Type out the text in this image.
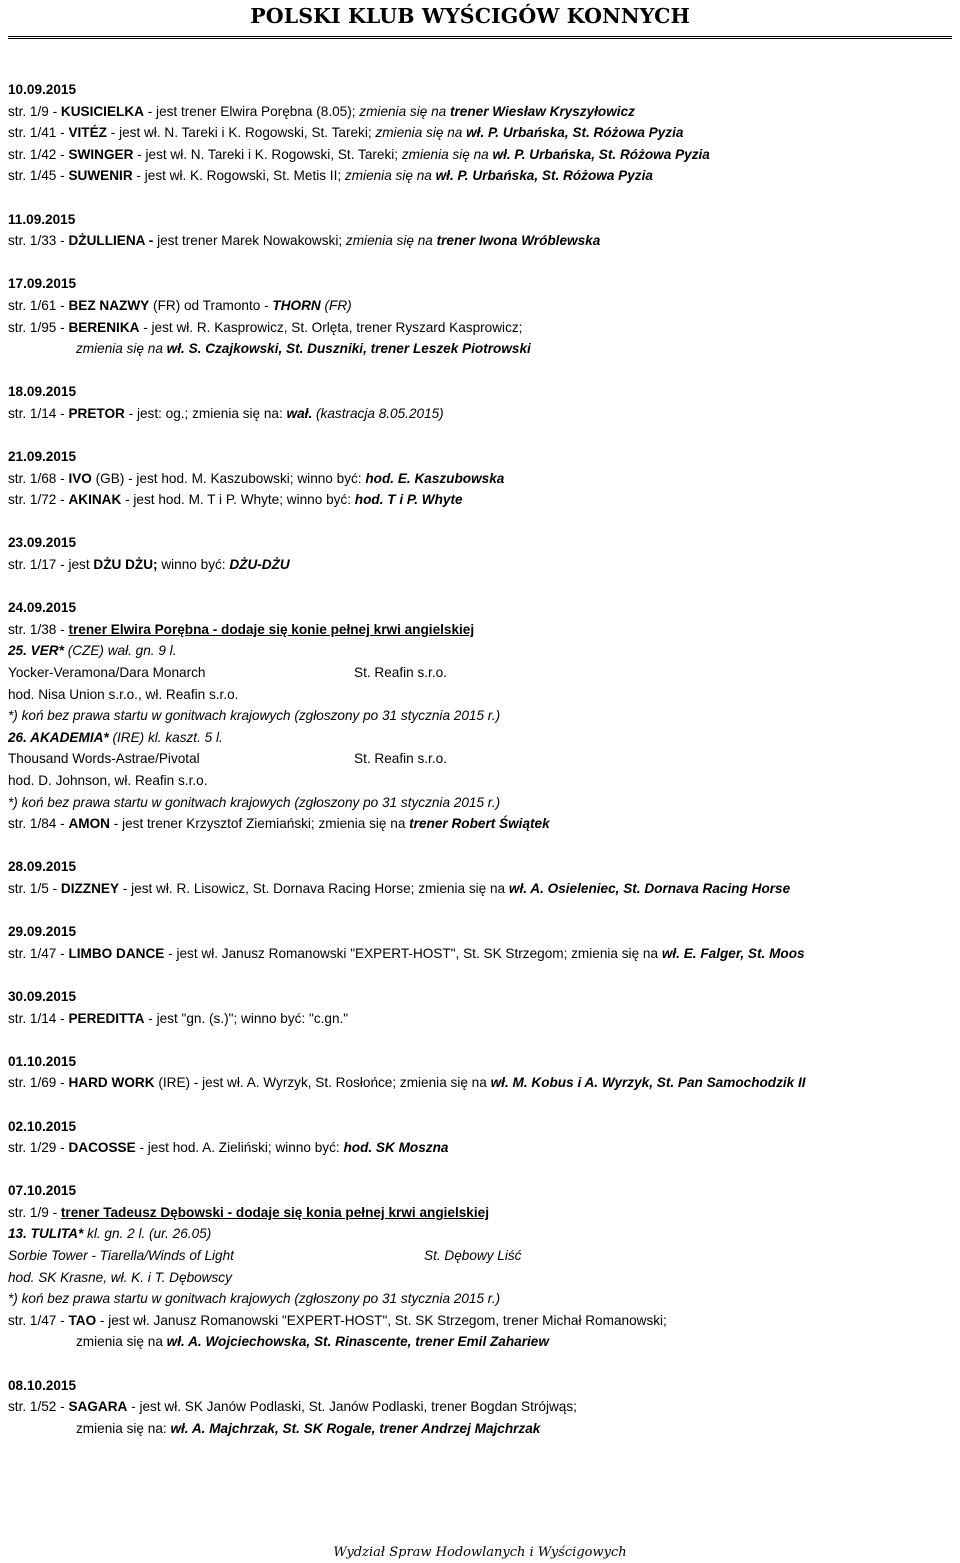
POLSKI KLUB WYŚCIGÓW KONNYCH
10.09.2015
str. 1/9 - KUSICIELKA - jest trener Elwira Porębna (8.05); zmienia się na trener Wiesław Kryszyłowicz
str. 1/41 - VITÉZ - jest wł. N. Tareki i K. Rogowski, St. Tareki; zmienia się na wł. P. Urbańska, St. Różowa Pyzia
str. 1/42 - SWINGER - jest wł. N. Tareki i K. Rogowski, St. Tareki; zmienia się na wł. P. Urbańska, St. Różowa Pyzia
str. 1/45 - SUWENIR - jest wł. K. Rogowski, St. Metis II; zmienia się na wł. P. Urbańska, St. Różowa Pyzia
11.09.2015
str. 1/33 - DŻULLIENA - jest trener Marek Nowakowski; zmienia się na trener Iwona Wróblewska
17.09.2015
str. 1/61 - BEZ NAZWY (FR) od Tramonto - THORN (FR)
str. 1/95 - BERENIKA - jest wł. R. Kasprowicz, St. Orlęta, trener Ryszard Kasprowicz;
zmienia się na wł. S. Czajkowski, St. Duszniki, trener Leszek Piotrowski
18.09.2015
str. 1/14 - PRETOR - jest: og.; zmienia się na: wał. (kastracja 8.05.2015)
21.09.2015
str. 1/68 - IVO (GB) - jest hod. M. Kaszubowski; winno być: hod. E. Kaszubowska
str. 1/72 - AKINAK - jest hod. M. T i P. Whyte; winno być: hod. T i P. Whyte
23.09.2015
str. 1/17 - jest DŻU DŻU; winno być: DŻU-DŻU
24.09.2015
str. 1/38 - trener Elwira Porębna - dodaje się konie pełnej krwi angielskiej
25. VER* (CZE) wał. gn. 9 l.
Yocker-Veramona/Dara Monarch	St. Reafin s.r.o.
hod. Nisa Union s.r.o., wł. Reafin s.r.o.
*) koń bez prawa startu w gonitwach krajowych (zgłoszony po 31 stycznia 2015 r.)
26. AKADEMIA* (IRE) kl. kaszt. 5 l.
Thousand Words-Astrae/Pivotal	St. Reafin s.r.o.
hod. D. Johnson, wł. Reafin s.r.o.
*) koń bez prawa startu w gonitwach krajowych (zgłoszony po 31 stycznia 2015 r.)
str. 1/84 - AMON - jest trener Krzysztof Ziemiański; zmienia się na trener Robert Świątek
28.09.2015
str. 1/5 - DIZZNEY - jest wł. R. Lisowicz, St. Dornava Racing Horse; zmienia się na wł. A. Osieleniec, St. Dornava Racing Horse
29.09.2015
str. 1/47 - LIMBO DANCE - jest wł. Janusz Romanowski "EXPERT-HOST", St. SK Strzegom; zmienia się na wł. E. Falger, St. Moos
30.09.2015
str. 1/14 - PEREDITTA - jest "gn. (s.)"; winno być: "c.gn."
01.10.2015
str. 1/69 - HARD WORK (IRE) - jest wł. A. Wyrzyk, St. Rosłońce; zmienia się na wł. M. Kobus i A. Wyrzyk, St. Pan Samochodzik II
02.10.2015
str. 1/29 - DACOSSE - jest hod. A. Zieliński; winno być: hod. SK Moszna
07.10.2015
str. 1/9 - trener Tadeusz Dębowski - dodaje się konia pełnej krwi angielskiej
13. TULITA* kl. gn. 2 l. (ur. 26.05)
Sorbie Tower - Tiarella/Winds of Light	St. Dębowy Liść
hod. SK Krasne, wł. K. i T. Dębowscy
*) koń bez prawa startu w gonitwach krajowych (zgłoszony po 31 stycznia 2015 r.)
str. 1/47 - TAO - jest wł. Janusz Romanowski "EXPERT-HOST", St. SK Strzegom, trener Michał Romanowski;
zmienia się na wł. A. Wojciechowska, St. Rinascente, trener Emil Zahariew
08.10.2015
str. 1/52 - SAGARA - jest wł. SK Janów Podlaski, St. Janów Podlaski, trener Bogdan Strójwąs;
zmienia się na: wł. A. Majchrzak, St. SK Rogale, trener Andrzej Majchrzak
Wydział Spraw Hodowlanych i Wyścigowych
